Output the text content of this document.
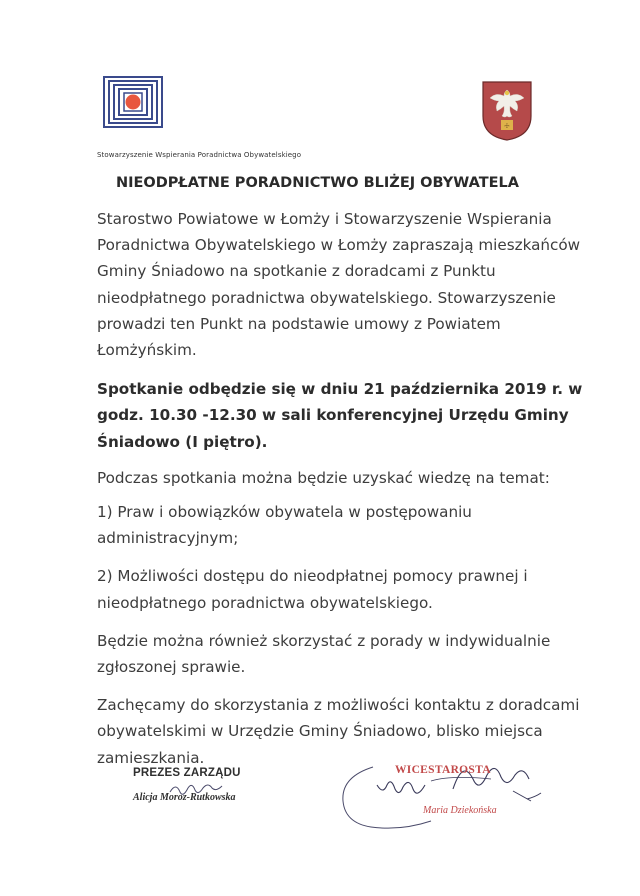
☩
Stowarzyszenie Wspierania Poradnictwa Obywatelskiego
NIEODPŁATNE PORADNICTWO BLIŻEJ OBYWATELA

Starostwo Powiatowe w Łomży i Stowarzyszenie Wspierania Poradnictwa Obywatelskiego w Łomży zapraszają mieszkańców Gminy Śniadowo na spotkanie z doradcami z Punktu nieodpłatnego poradnictwa obywatelskiego. Stowarzyszenie prowadzi ten Punkt na podstawie umowy z Powiatem Łomżyńskim.

Spotkanie odbędzie się w dniu 21 października 2019 r. w godz. 10.30 -12.30 w sali konferencyjnej Urzędu Gminy Śniadowo (I piętro).

Podczas spotkania można będzie uzyskać wiedzę na temat:

1) Praw i obowiązków obywatela w postępowaniu administracyjnym;

2) Możliwości dostępu do nieodpłatnej pomocy prawnej i nieodpłatnego poradnictwa obywatelskiego.

Będzie można również skorzystać z porady w indywidualnie zgłoszonej sprawie.

Zachęcamy do skorzystania z możliwości kontaktu z doradcami obywatelskimi w Urzędzie Gminy Śniadowo, blisko miejsca zamieszkania.

PREZES ZARZĄDU
Alicja Moroz-Rutkowska
WICESTAROSTA
Maria Dziekońska
